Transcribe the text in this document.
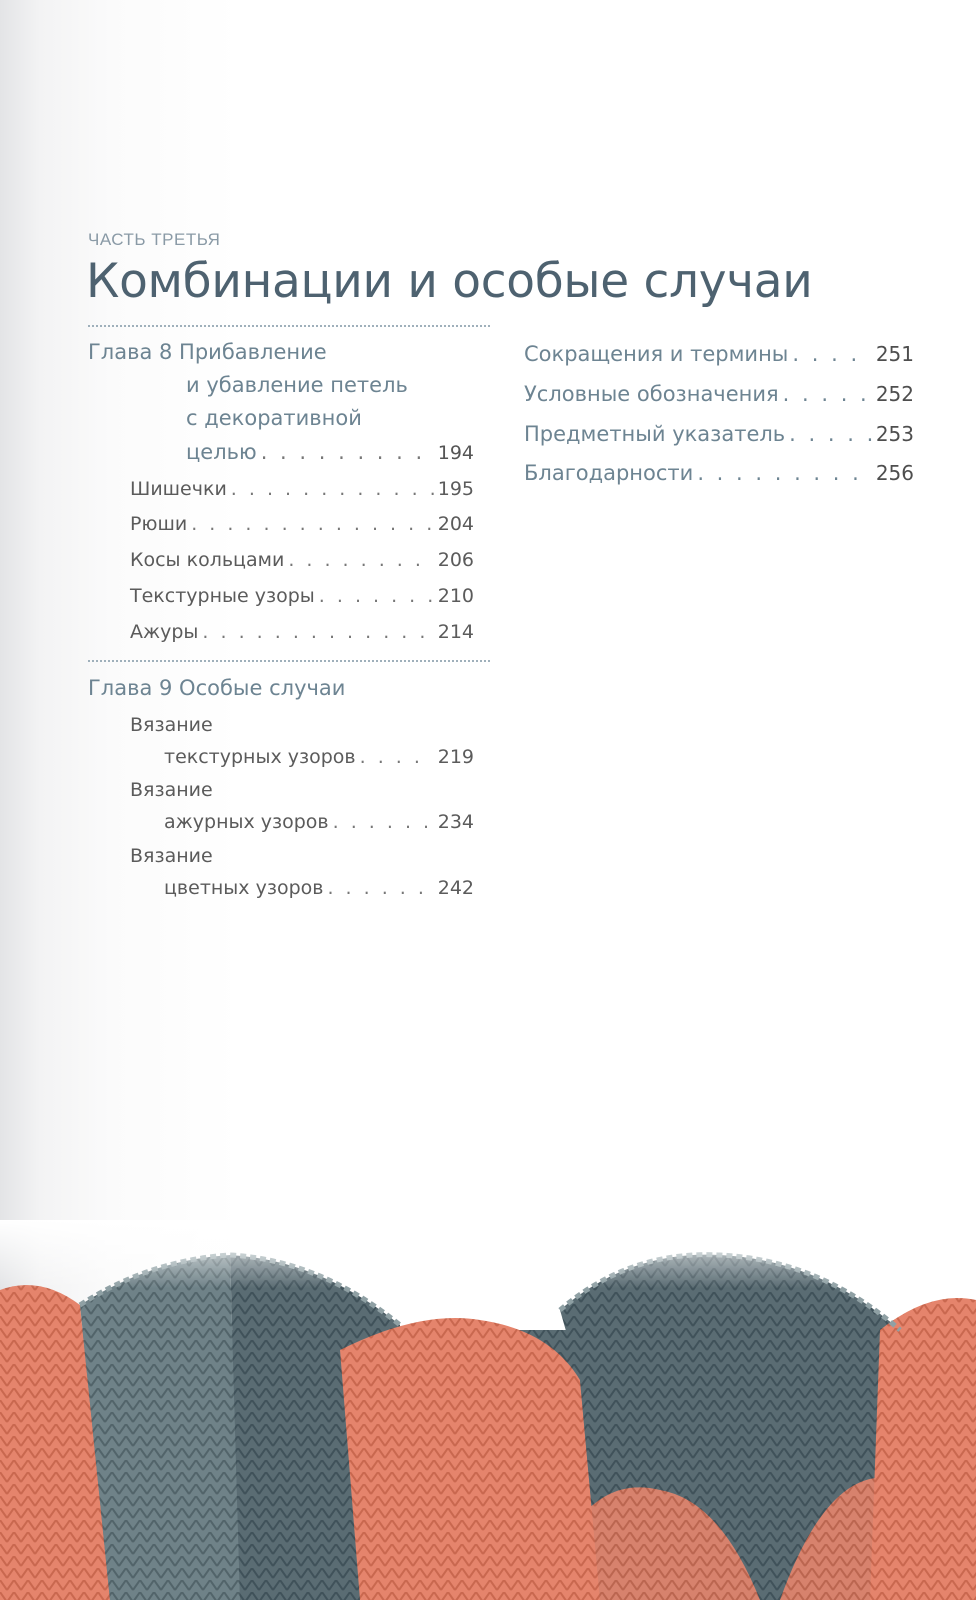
ЧАСТЬ ТРЕТЬЯ
Комбинации и особые случаи
Глава 8 Прибавление
и убавление петель
с декоративной
целью . . .	194
Шишечки . . .	195
Рюши . . .	204
Косы кольцами . . .	206
Текстурные узоры . . .	210
Ажуры . . .	214
Глава 9 Особые случаи
Вязание
текстурных узоров . . .	219
Вязание
ажурных узоров . . .	234
Вязание
цветных узоров . . .	242
Сокращения и термины . . .	251
Условные обозначения . . .	252
Предметный указатель . . .	253
Благодарности . . .	256
